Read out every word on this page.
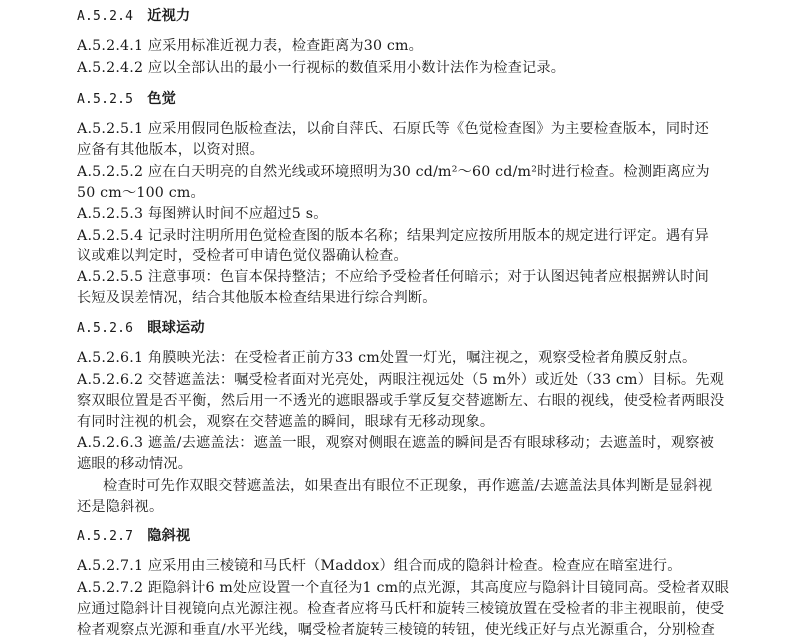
A.5.2.4 近视力
A.5.2.4.1 应采用标准近视力表，检查距离为30 cm。
A.5.2.4.2 应以全部认出的最小一行视标的数值采用小数计法作为检查记录。
A.5.2.5 色觉
A.5.2.5.1 应采用假同色版检查法，以俞自萍氏、石原氏等《色觉检查图》为主要检查版本，同时还
应备有其他版本，以资对照。
A.5.2.5.2 应在白天明亮的自然光线或环境照明为30 cd/m²～60 cd/m²时进行检查。检测距离应为
50 cm～100 cm。
A.5.2.5.3 每图辨认时间不应超过5 s。
A.5.2.5.4 记录时注明所用色觉检查图的版本名称；结果判定应按所用版本的规定进行评定。遇有异
议或难以判定时，受检者可申请色觉仪器确认检查。
A.5.2.5.5 注意事项：色盲本保持整洁；不应给予受检者任何暗示；对于认图迟钝者应根据辨认时间
长短及误差情况，结合其他版本检查结果进行综合判断。
A.5.2.6 眼球运动
A.5.2.6.1 角膜映光法：在受检者正前方33 cm处置一灯光，嘱注视之，观察受检者角膜反射点。
A.5.2.6.2 交替遮盖法：嘱受检者面对光亮处，两眼注视远处（5 m外）或近处（33 cm）目标。先观
察双眼位置是否平衡，然后用一不透光的遮眼器或手掌反复交替遮断左、右眼的视线，使受检者两眼没
有同时注视的机会，观察在交替遮盖的瞬间，眼球有无移动现象。
A.5.2.6.3 遮盖/去遮盖法：遮盖一眼，观察对侧眼在遮盖的瞬间是否有眼球移动；去遮盖时，观察被
遮眼的移动情况。
检查时可先作双眼交替遮盖法，如果查出有眼位不正现象，再作遮盖/去遮盖法具体判断是显斜视
还是隐斜视。
A.5.2.7 隐斜视
A.5.2.7.1 应采用由三棱镜和马氏杆（Maddox）组合而成的隐斜计检查。检查应在暗室进行。
A.5.2.7.2 距隐斜计6 m处应设置一个直径为1 cm的点光源，其高度应与隐斜计目镜同高。受检者双眼
应通过隐斜计目视镜向点光源注视。检查者应将马氏杆和旋转三棱镜放置在受检者的非主视眼前，使受
检者观察点光源和垂直/水平光线，嘱受检者旋转三棱镜的转钮，使光线正好与点光源重合，分别检查
